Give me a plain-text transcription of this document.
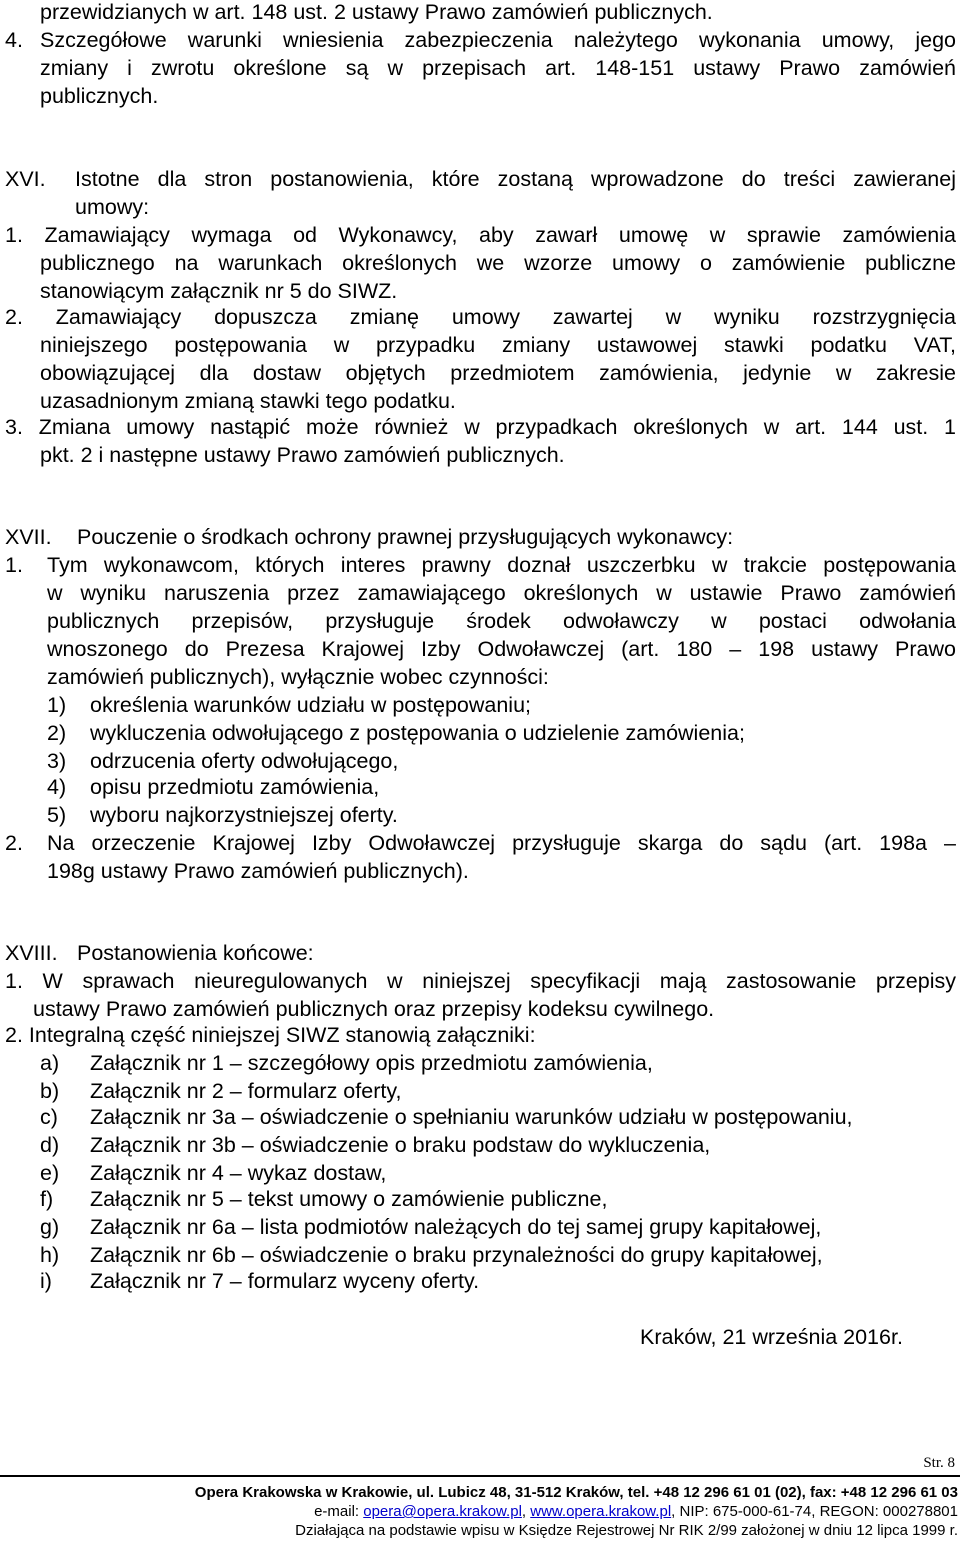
przewidzianych w art. 148 ust. 2 ustawy Prawo zamówień publicznych.
4. Szczegółowe warunki wniesienia zabezpieczenia należytego wykonania umowy, jego
zmiany i zwrotu określone są w przepisach art. 148-151 ustawy Prawo zamówień
publicznych.
XVI. Istotne dla stron postanowienia, które zostaną wprowadzone do treści zawieranej
umowy:
1. Zamawiający wymaga od Wykonawcy, aby zawarł umowę w sprawie zamówienia
publicznego na warunkach określonych we wzorze umowy o zamówienie publiczne
stanowiącym załącznik nr 5 do SIWZ.
2. Zamawiający dopuszcza zmianę umowy zawartej w wyniku rozstrzygnięcia
niniejszego postępowania w przypadku zmiany ustawowej stawki podatku VAT,
obowiązującej dla dostaw objętych przedmiotem zamówienia, jedynie w zakresie
uzasadnionym zmianą stawki tego podatku.
3. Zmiana umowy nastąpić może również w przypadkach określonych w art. 144 ust. 1
pkt. 2 i następne ustawy Prawo zamówień publicznych.
XVII. Pouczenie o środkach ochrony prawnej przysługujących wykonawcy:
1. Tym wykonawcom, których interes prawny doznał uszczerbku w trakcie postępowania
w wyniku naruszenia przez zamawiającego określonych w ustawie Prawo zamówień
publicznych przepisów, przysługuje środek odwoławczy w postaci odwołania
wnoszonego do Prezesa Krajowej Izby Odwoławczej (art. 180 – 198 ustawy Prawo
zamówień publicznych), wyłącznie wobec czynności:
1) określenia warunków udziału w postępowaniu;
2) wykluczenia odwołującego z postępowania o udzielenie zamówienia;
3) odrzucenia oferty odwołującego,
4) opisu przedmiotu zamówienia,
5) wyboru najkorzystniejszej oferty.
2. Na orzeczenie Krajowej Izby Odwoławczej przysługuje skarga do sądu (art. 198a –
198g ustawy Prawo zamówień publicznych).
XVIII. Postanowienia końcowe:
1. W sprawach nieuregulowanych w niniejszej specyfikacji mają zastosowanie przepisy
ustawy Prawo zamówień publicznych oraz przepisy kodeksu cywilnego.
2. Integralną część niniejszej SIWZ stanowią załączniki:
a) Załącznik nr 1 – szczegółowy opis przedmiotu zamówienia,
b) Załącznik nr 2 – formularz oferty,
c) Załącznik nr 3a – oświadczenie o spełnianiu warunków udziału w postępowaniu,
d) Załącznik nr 3b – oświadczenie o braku podstaw do wykluczenia,
e) Załącznik nr 4 – wykaz dostaw,
f) Załącznik nr 5 – tekst umowy o zamówienie publiczne,
g) Załącznik nr 6a – lista podmiotów należących do tej samej grupy kapitałowej,
h) Załącznik nr 6b – oświadczenie o braku przynależności do grupy kapitałowej,
i) Załącznik nr 7 – formularz wyceny oferty.
Kraków, 21 września 2016r.
Str. 8
Opera Krakowska w Krakowie, ul. Lubicz 48, 31-512 Kraków, tel. +48 12 296 61 01 (02), fax: +48 12 296 61 03
e-mail: opera@opera.krakow.pl, www.opera.krakow.pl, NIP: 675-000-61-74, REGON: 000278801
Działająca na podstawie wpisu w Księdze Rejestrowej Nr RIK 2/99 założonej w dniu 12 lipca 1999 r.
